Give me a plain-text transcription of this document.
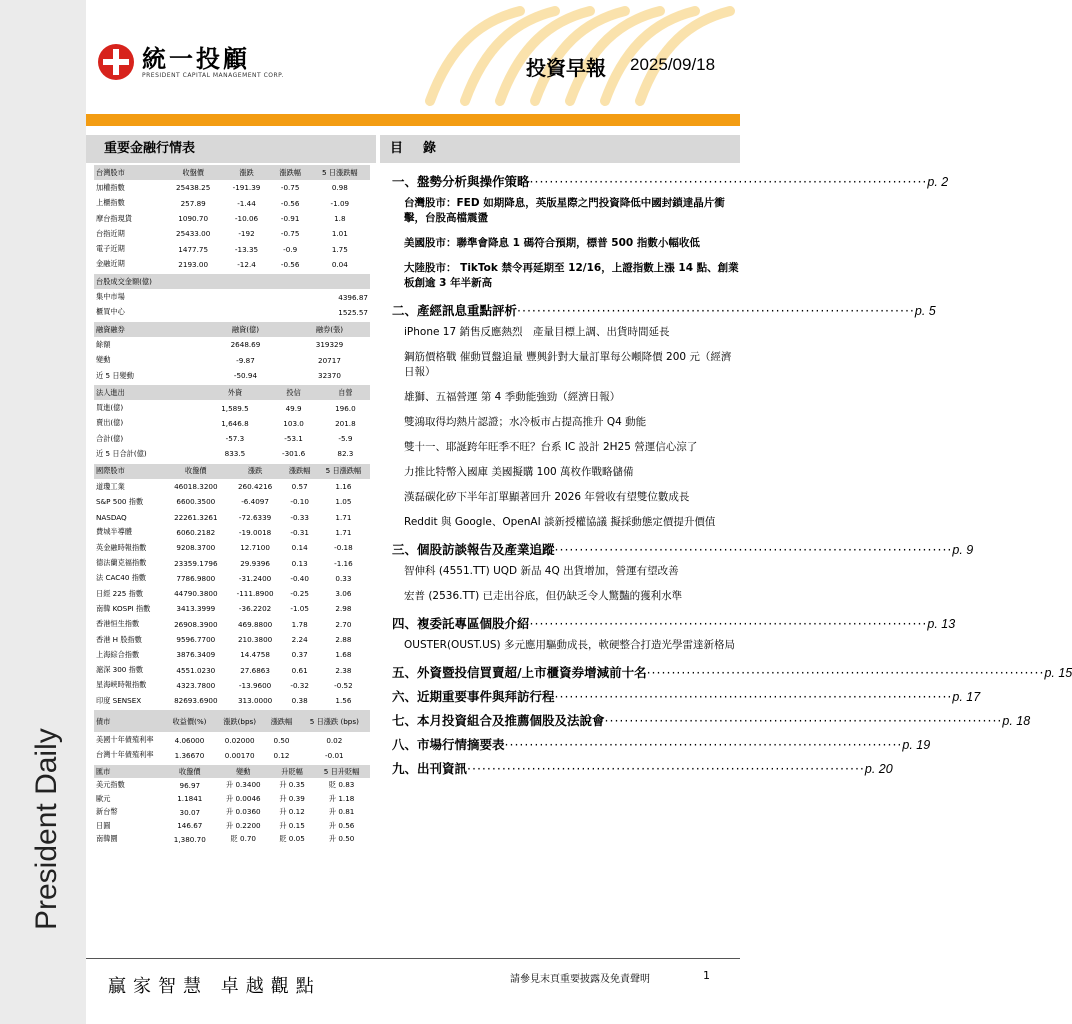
President Daily
統一投顧
PRESIDENT CAPITAL MANAGEMENT CORP.	投資早報 2025/09/18
重要金融行情表	目錄
台灣股市	收盤價	漲跌	漲跌幅	5 日漲跌幅
加權指數	25438.25	-191.39	-0.75	0.98
上櫃指數	257.89	-1.44	-0.56	-1.09
摩台指現貨	1090.70	-10.06	-0.91	1.8
台指近期	25433.00	-192	-0.75	1.01
電子近期	1477.75	-13.35	-0.9	1.75
金融近期	2193.00	-12.4	-0.56	0.04
台股成交金額(億)	
集中市場	4396.87
櫃買中心	1525.57
融資融券	融資(億)	融券(張)
餘額	2648.69	319329
變動	-9.87	20717
近 5 日變動	-50.94	32370
法人進出	外資	投信	自營
買進(億)	1,589.5	49.9	196.0
賣出(億)	1,646.8	103.0	201.8
合計(億)	-57.3	-53.1	-5.9
近 5 日合計(億)	833.5	-301.6	82.3
國際股市	收盤價	漲跌	漲跌幅	5 日漲跌幅
道瓊工業	46018.3200	260.4216	0.57	1.16
S&P 500 指數	6600.3500	-6.4097	-0.10	1.05
NASDAQ	22261.3261	-72.6339	-0.33	1.71
費城半導體	6060.2182	-19.0018	-0.31	1.71
英金融時報指數	9208.3700	12.7100	0.14	-0.18
德法蘭克福指數	23359.1796	29.9396	0.13	-1.16
法 CAC40 指數	7786.9800	-31.2400	-0.40	0.33
日經 225 指數	44790.3800	-111.8900	-0.25	3.06
南韓 KOSPI 指數	3413.3999	-36.2202	-1.05	2.98
香港恒生指數	26908.3900	469.8800	1.78	2.70
香港 H 股指數	9596.7700	210.3800	2.24	2.88
上海綜合指數	3876.3409	14.4758	0.37	1.68
滬深 300 指數	4551.0230	27.6863	0.61	2.38
星海峽時報指數	4323.7800	-13.9600	-0.32	-0.52
印度 SENSEX	82693.6900	313.0000	0.38	1.56
債市	收益價(%)	漲跌(bps)	漲跌幅	5 日漲跌 (bps)
美國十年債殖利率	4.06000	0.02000	0.50	0.02
台灣十年債殖利率	1.36670	0.00170	0.12	-0.01
匯市	收盤價	變動	升貶幅	5 日升貶幅
美元指數	96.97	升 0.3400	升 0.35	貶 0.83
歐元	1.1841	升 0.0046	升 0.39	升 1.18
新台幣	30.07	升 0.0360	升 0.12	升 0.81
日圓	146.67	升 0.2200	升 0.15	升 0.56
南韓圜	1,380.70	貶 0.70	貶 0.05	升 0.50
一、盤勢分析與操作策略 ················································································ p. 2
台灣股市：FED 如期降息，英版星際之門投資降低中國封鎖達晶片衝擊，台股高檔震盪
美國股市：聯準會降息 1 碼符合預期，標普 500 指數小幅收低
大陸股市： TikTok 禁令再延期至 12/16，上證指數上漲 14 點、創業板創逾 3 年半新高
二、產經訊息重點評析 ················································································ p. 5
iPhone 17 銷售反應熱烈　產量目標上調、出貨時間延長
鋼筋價格戰 催動買盤追量 豐興針對大量訂單每公噸降價 200 元（經濟日報）
雄獅、五福營運 第 4 季動能強勁（經濟日報）
雙鴻取得均熱片認證；水冷板市占提高推升 Q4 動能
雙十一、耶誕跨年旺季不旺？台系 IC 設計 2H25 營運信心涼了
力推比特幣入國庫 美國擬購 100 萬枚作戰略儲備
漢磊碳化矽下半年訂單顯著回升 2026 年營收有望雙位數成長
Reddit 與 Google、OpenAI 談新授權協議 擬採動態定價提升價值
三、個股訪談報告及產業追蹤 ················································································ p. 9
智伸科 (4551.TT) UQD 新品 4Q 出貨增加，營運有望改善
宏普 (2536.TT) 已走出谷底，但仍缺乏令人驚豔的獲利水準
四、複委託專區個股介紹 ················································································ p. 13
OUSTER(OUST.US) 多元應用驅動成長，軟硬整合打造光學雷達新格局
五、外資暨投信買賣超/上市櫃資券增減前十名 ················································································ p. 15
六、近期重要事件與拜訪行程 ················································································ p. 17
七、本月投資組合及推薦個股及法說會 ················································································ p. 18
八、市場行情摘要表 ················································································ p. 19
九、出刊資訊 ················································································ p. 20
贏家智慧 卓越觀點	請參見末頁重要披露及免責聲明	1
